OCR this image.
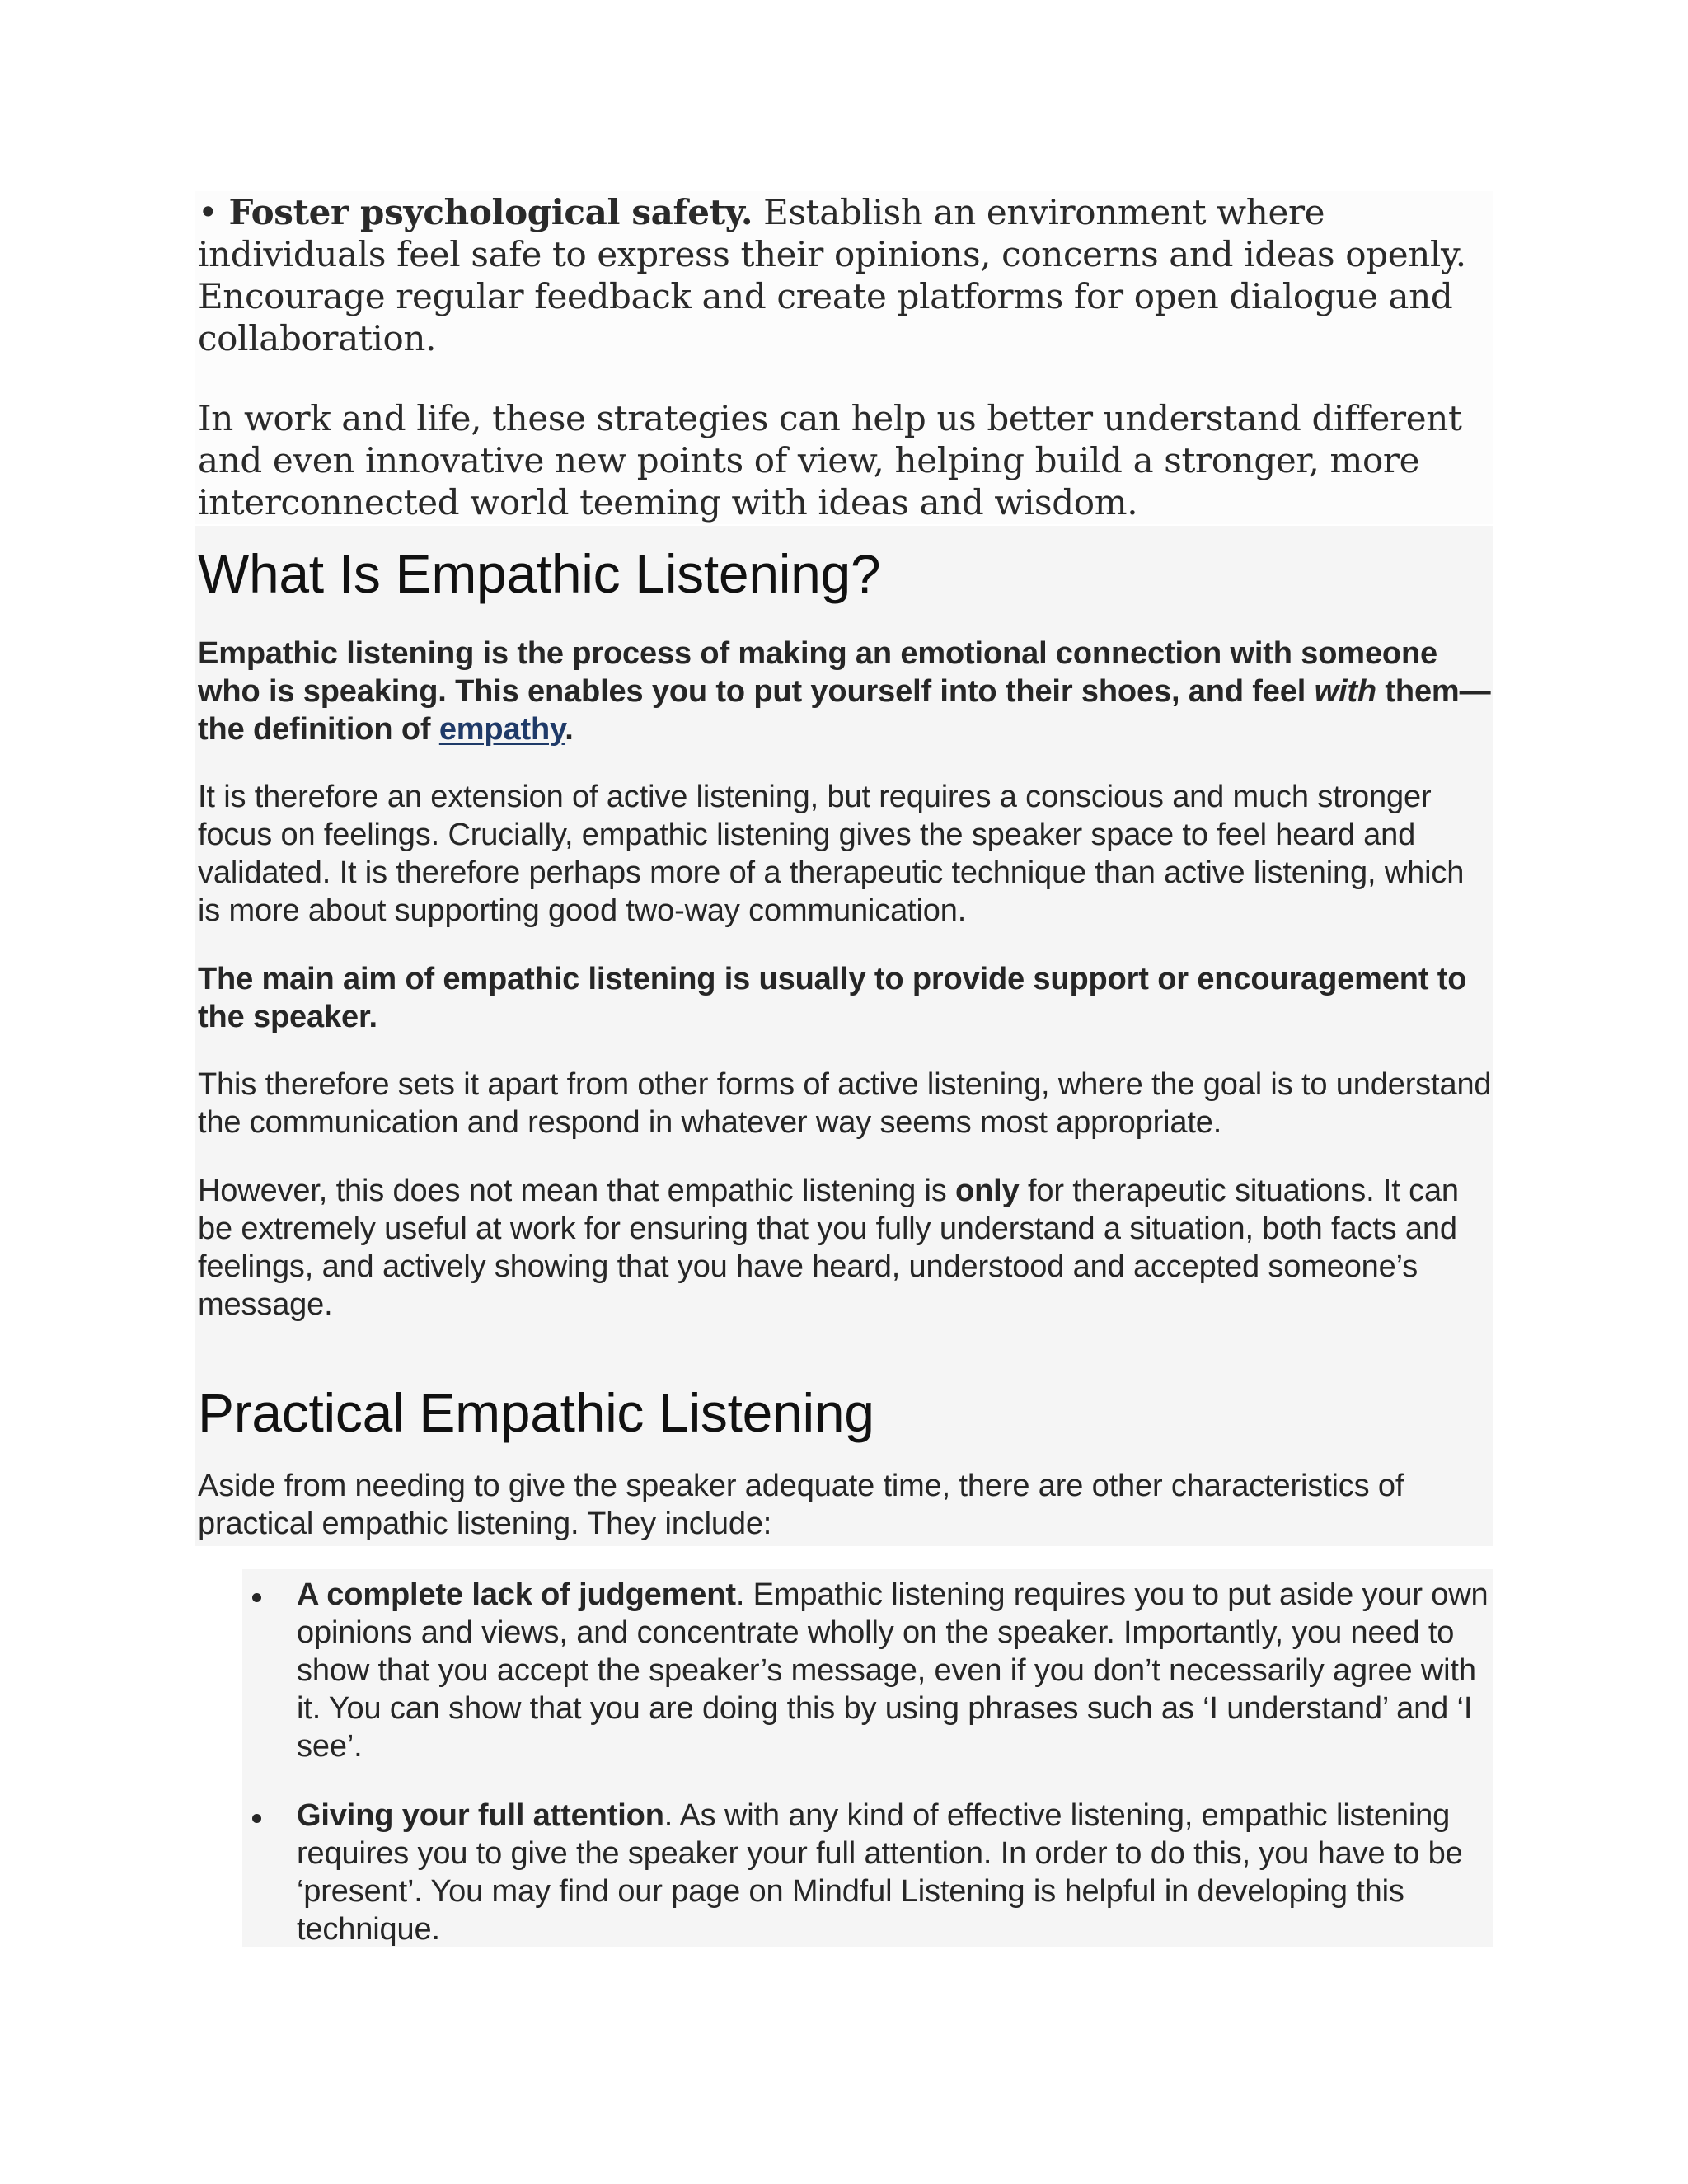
• Foster psychological safety. Establish an environment where individuals feel safe to express their opinions, concerns and ideas openly. Encourage regular feedback and create platforms for open dialogue and collaboration.

In work and life, these strategies can help us better understand different and even innovative new points of view, helping build a stronger, more interconnected world teeming with ideas and wisdom.

What Is Empathic Listening?

Empathic listening is the process of making an emotional connection with someone who is speaking. This enables you to put yourself into their shoes, and feel with them—the definition of empathy.

It is therefore an extension of active listening, but requires a conscious and much stronger focus on feelings. Crucially, empathic listening gives the speaker space to feel heard and validated. It is therefore perhaps more of a therapeutic technique than active listening, which is more about supporting good two-way communication.

The main aim of empathic listening is usually to provide support or encouragement to the speaker.

This therefore sets it apart from other forms of active listening, where the goal is to understand the communication and respond in whatever way seems most appropriate.

However, this does not mean that empathic listening is only for therapeutic situations. It can be extremely useful at work for ensuring that you fully understand a situation, both facts and feelings, and actively showing that you have heard, understood and accepted someone’s message.

Practical Empathic Listening

Aside from needing to give the speaker adequate time, there are other characteristics of practical empathic listening. They include:

A complete lack of judgement. Empathic listening requires you to put aside your own opinions and views, and concentrate wholly on the speaker. Importantly, you need to show that you accept the speaker’s message, even if you don’t necessarily agree with it. You can show that you are doing this by using phrases such as ‘I understand’ and ‘I see’.

Giving your full attention. As with any kind of effective listening, empathic listening requires you to give the speaker your full attention. In order to do this, you have to be ‘present’. You may find our page on Mindful Listening is helpful in developing this technique.
